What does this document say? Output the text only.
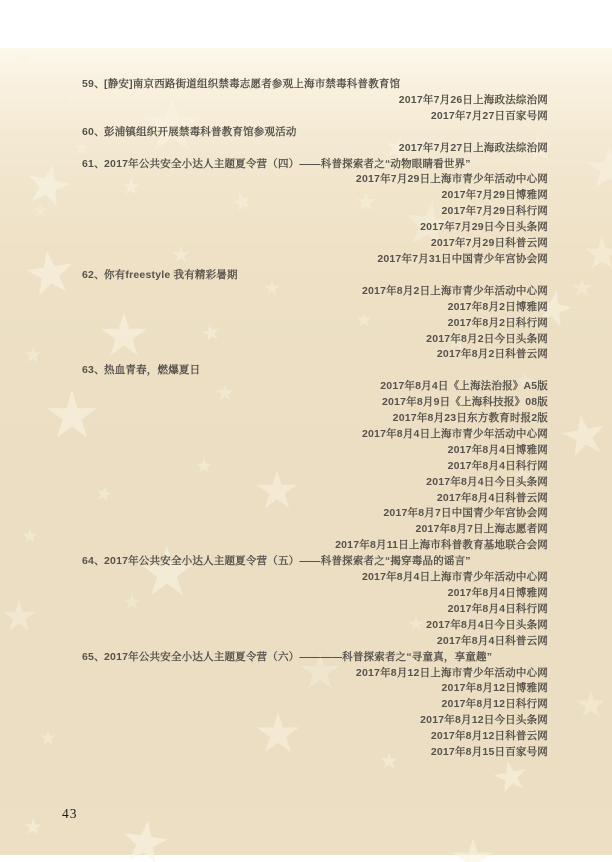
59、 [静安]南京西路街道组织禁毒志愿者参观上海市禁毒科普教育馆
2017年7月26日上海政法综治网
2017年7月27日百家号网
60、 彭浦镇组织开展禁毒科普教育馆参观活动
2017年7月27日上海政法综治网
61、 2017年公共安全小达人主题夏令营（四）——科普探索者之“动物眼睛看世界”
2017年7月29日上海市青少年活动中心网
2017年7月29日博雅网
2017年7月29日科行网
2017年7月29日今日头条网
2017年7月29日科普云网
2017年7月31日中国青少年宫协会网
62、 你有freestyle 我有精彩暑期
2017年8月2日上海市青少年活动中心网
2017年8月2日博雅网
2017年8月2日科行网
2017年8月2日今日头条网
2017年8月2日科普云网
63、 热血青春，燃爆夏日
2017年8月4日《上海法治报》A5版
2017年8月9日《上海科技报》08版
2017年8月23日东方教育时报2版
2017年8月4日上海市青少年活动中心网
2017年8月4日博雅网
2017年8月4日科行网
2017年8月4日今日头条网
2017年8月4日科普云网
2017年8月7日中国青少年宫协会网
2017年8月7日上海志愿者网
2017年8月11日上海市科普教育基地联合会网
64、 2017年公共安全小达人主题夏令营（五）——科普探索者之“揭穿毒品的谣言”
2017年8月4日上海市青少年活动中心网
2017年8月4日博雅网
2017年8月4日科行网
2017年8月4日今日头条网
2017年8月4日科普云网
65、 2017年公共安全小达人主题夏令营（六）————科普探索者之“寻童真，享童趣”
2017年8月12日上海市青少年活动中心网
2017年8月12日博雅网
2017年8月12日科行网
2017年8月12日今日头条网
2017年8月12日科普云网
2017年8月15日百家号网
43
